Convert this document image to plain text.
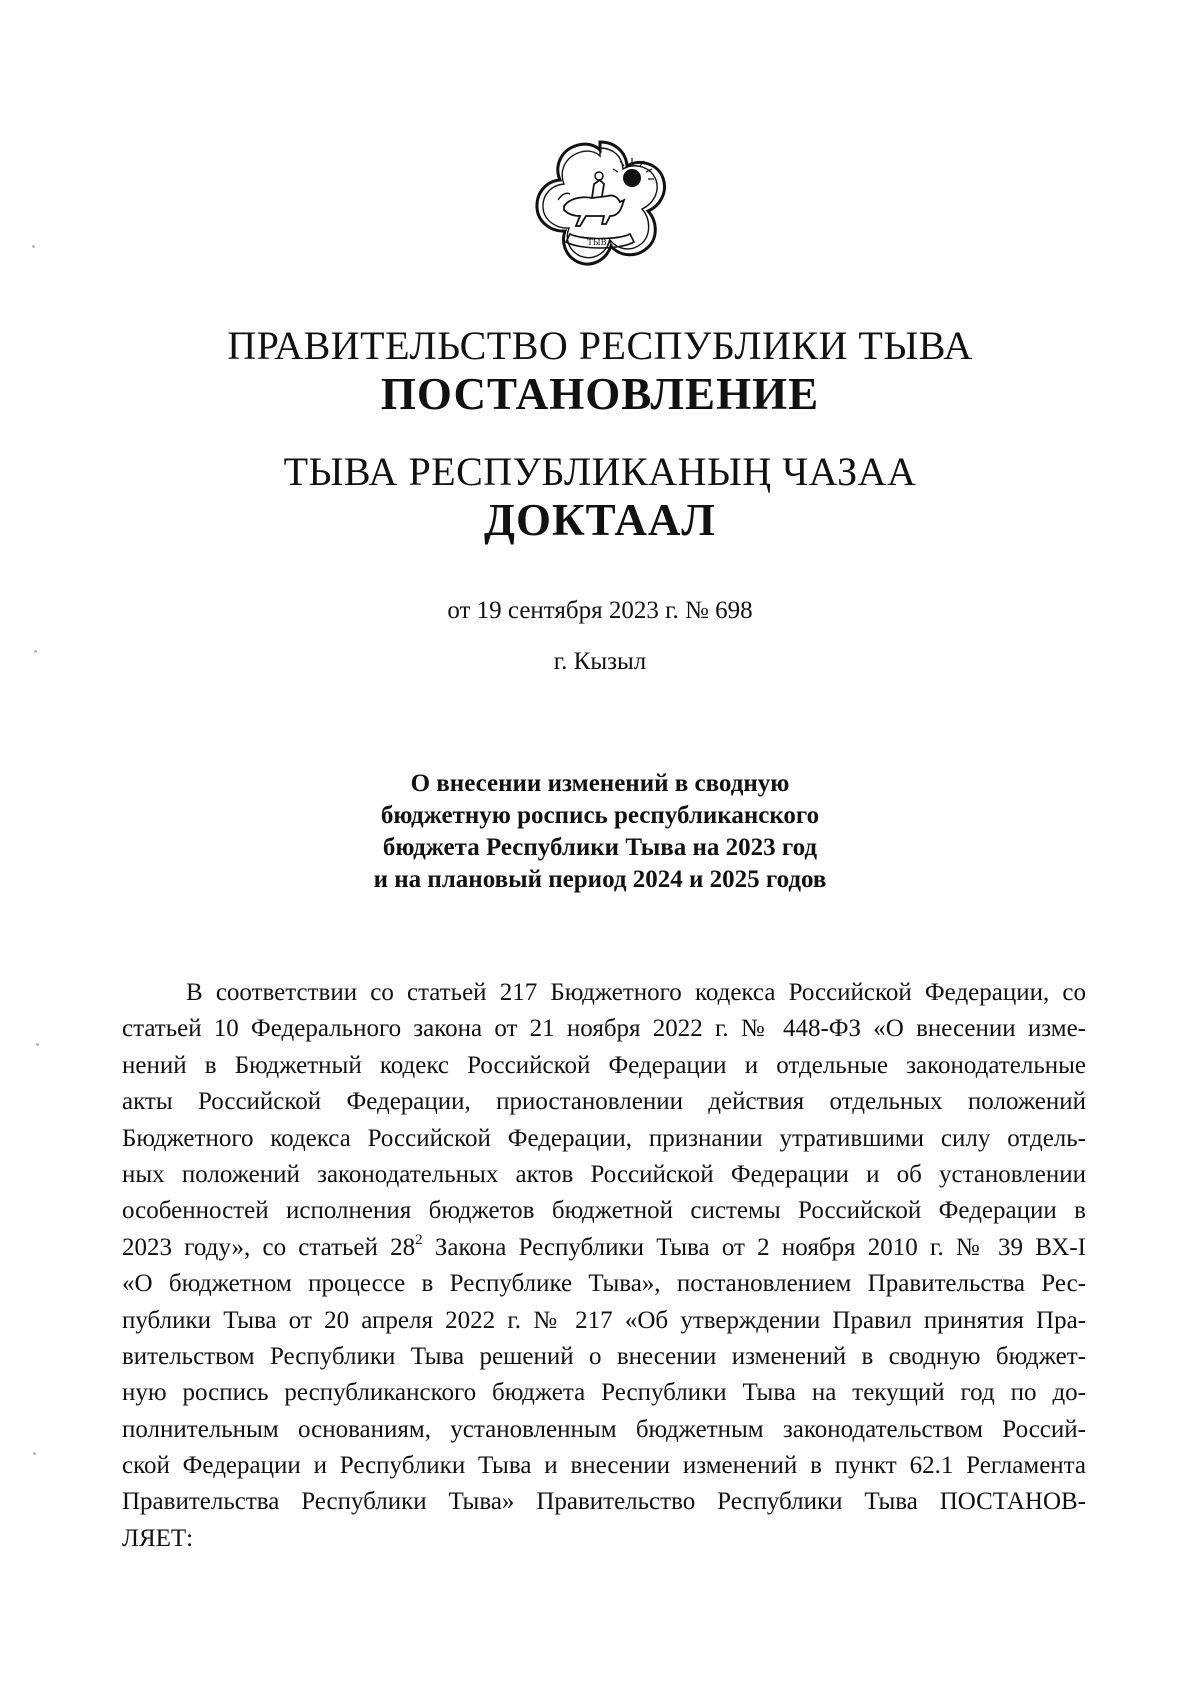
ТЫВА
ПРАВИТЕЛЬСТВО РЕСПУБЛИКИ ТЫВА
ПОСТАНОВЛЕНИЕ
ТЫВА РЕСПУБЛИКАНЫҢ ЧАЗАА
ДОКТААЛ
от 19 сентября 2023 г. № 698
г. Кызыл
О внесении изменений в сводную
бюджетную роспись республиканского
бюджета Республики Тыва на 2023 год
и на плановый период 2024 и 2025 годов
В соответствии со статьей 217 Бюджетного кодекса Российской Федерации, со
статьей 10 Федерального закона от 21 ноября 2022 г. № 448-ФЗ «О внесении изме-
нений в Бюджетный кодекс Российской Федерации и отдельные законодательные
акты Российской Федерации, приостановлении действия отдельных положений
Бюджетного кодекса Российской Федерации, признании утратившими силу отдель-
ных положений законодательных актов Российской Федерации и об установлении
особенностей исполнения бюджетов бюджетной системы Российской Федерации в
2023 году», со статьей $28^2$ Закона Республики Тыва от 2 ноября 2010 г. № 39 ВХ-I
«О бюджетном процессе в Республике Тыва», постановлением Правительства Рес-
публики Тыва от 20 апреля 2022 г. № 217 «Об утверждении Правил принятия Пра-
вительством Республики Тыва решений о внесении изменений в сводную бюджет-
ную роспись республиканского бюджета Республики Тыва на текущий год по до-
полнительным основаниям, установленным бюджетным законодательством Россий-
ской Федерации и Республики Тыва и внесении изменений в пункт 62.1 Регламента
Правительства Республики Тыва» Правительство Республики Тыва ПОСТАНОВ-
ЛЯЕТ:
